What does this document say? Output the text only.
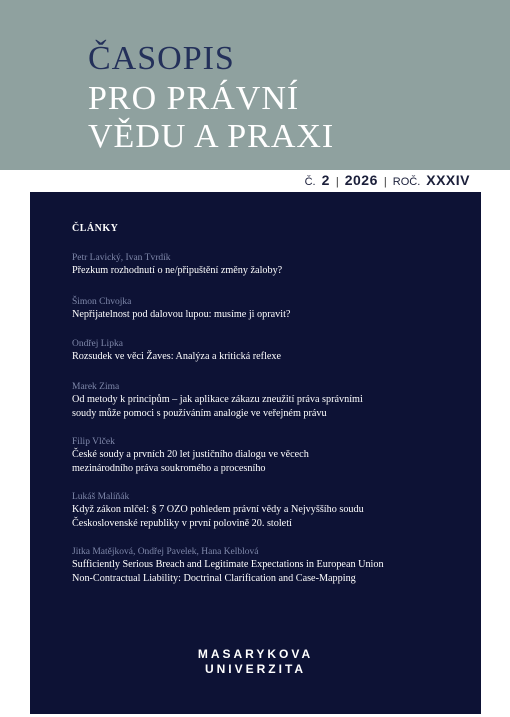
ČASOPIS
PRO PRÁVNÍ
VĚDU A PRAXI
Č. 2 | 2026 | ROČ. XXXIV
ČLÁNKY
Petr Lavický, Ivan Tvrdík
Přezkum rozhodnutí o ne/připuštění změny žaloby?
Šimon Chvojka
Nepřijatelnost pod dalovou lupou: musíme ji opravit?
Ondřej Lipka
Rozsudek ve věci Žaves: Analýza a kritická reflexe
Marek Zima
Od metody k principům – jak aplikace zákazu zneužití práva správními
soudy může pomoci s používáním analogie ve veřejném právu
Filip Vlček
České soudy a prvních 20 let justičního dialogu ve věcech
mezinárodního práva soukromého a procesního
Lukáš Malíňák
Když zákon mlčel: § 7 OZO pohledem právní vědy a Nejvyššího soudu
Československé republiky v první polovině 20. století
Jitka Matějková, Ondřej Pavelek, Hana Kelblová
Sufficiently Serious Breach and Legitimate Expectations in European Union
Non-Contractual Liability: Doctrinal Clarification and Case-Mapping
MASARYKOVA
UNIVERZITA
